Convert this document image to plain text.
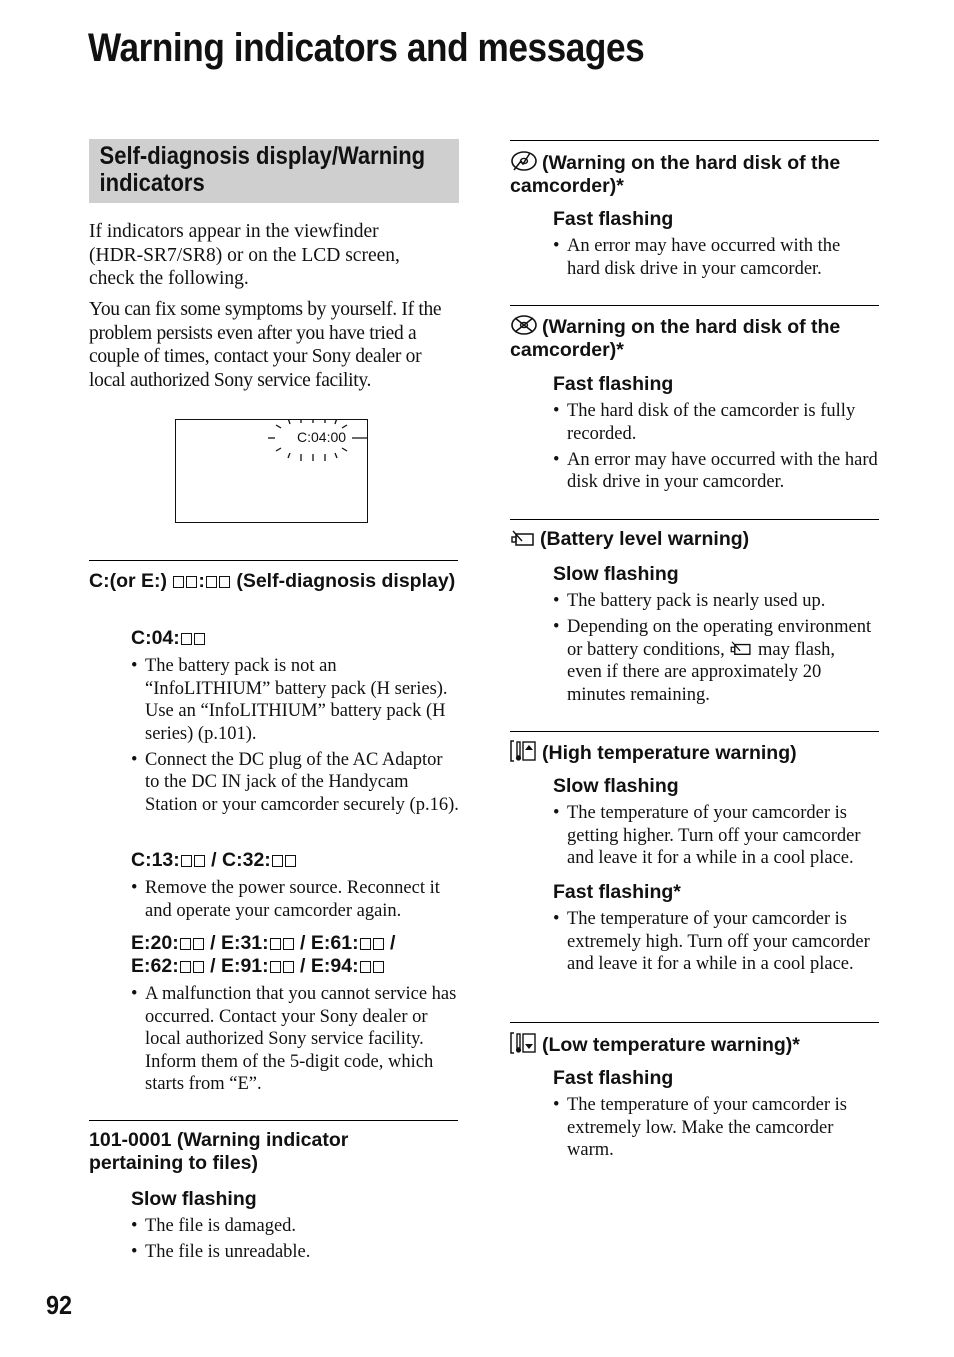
Warning indicators and messages
Self-diagnosis display/Warning indicators

If indicators appear in the viewfinder (HDR-SR7/SR8) or on the LCD screen, check the following.

You can fix some symptoms by yourself. If the problem persists even after you have tried a couple of times, contact your Sony dealer or local authorized Sony service facility.

C:04:00
C:(or E:) : (Self-diagnosis display)
C:04:
• The battery pack is not an “InfoLITHIUM” battery pack (H series). Use an “InfoLITHIUM” battery pack (H series) (p.101).
• Connect the DC plug of the AC Adaptor to the DC IN jack of the Handycam Station or your camcorder securely (p.16).
C:13: / C:32:
• Remove the power source. Reconnect it and operate your camcorder again.
E:20: / E:31: / E:61: /
E:62: / E:91: / E:94:
• A malfunction that you cannot service has occurred. Contact your Sony dealer or local authorized Sony service facility. Inform them of the 5-digit code, which starts from “E”.
101-0001 (Warning indicator pertaining to files)
Slow flashing
• The file is damaged.
• The file is unreadable.
(Warning on the hard disk of the camcorder)*
Fast flashing
• An error may have occurred with the hard disk drive in your camcorder.
(Warning on the hard disk of the camcorder)*
Fast flashing
• The hard disk of the camcorder is fully recorded.
• An error may have occurred with the hard disk drive in your camcorder.
(Battery level warning)
Slow flashing
• The battery pack is nearly used up.
• Depending on the operating environment or battery conditions, may flash, even if there are approximately 20 minutes remaining.
(High temperature warning)
Slow flashing
• The temperature of your camcorder is getting higher. Turn off your camcorder and leave it for a while in a cool place.
Fast flashing*
• The temperature of your camcorder is extremely high. Turn off your camcorder and leave it for a while in a cool place.
(Low temperature warning)*
Fast flashing
• The temperature of your camcorder is extremely low. Make the camcorder warm.
92
